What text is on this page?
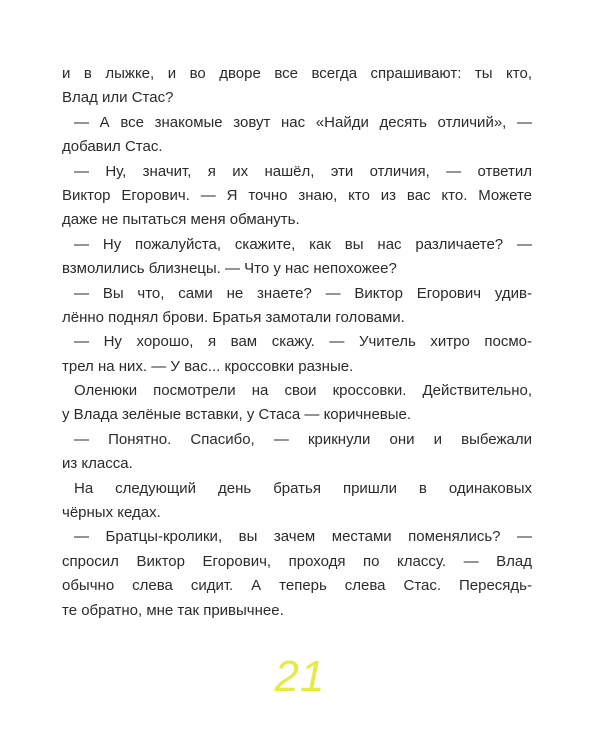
и в лыжке, и во дворе все всегда спрашивают: ты кто,
Влад или Стас?
— А все знакомые зовут нас «Найди десять отличий», —
добавил Стас.
— Ну, значит, я их нашёл, эти отличия, — ответил
Виктор Егорович. — Я точно знаю, кто из вас кто. Можете
даже не пытаться меня обмануть.
— Ну пожалуйста, скажите, как вы нас различаете? —
взмолились близнецы. — Что у нас непохожее?
— Вы что, сами не знаете? — Виктор Егорович удив-
лённо поднял брови. Братья замотали головами.
— Ну хорошо, я вам скажу. — Учитель хитро посмо-
трел на них. — У вас... кроссовки разные.
Оленюки посмотрели на свои кроссовки. Действительно,
у Влада зелёные вставки, у Стаса — коричневые.
— Понятно. Спасибо, — крикнули они и выбежали
из класса.
На следующий день братья пришли в одинаковых
чёрных кедах.
— Братцы-кролики, вы зачем местами поменялись? —
спросил Виктор Егорович, проходя по классу. — Влад
обычно слева сидит. А теперь слева Стас. Пересядь-
те обратно, мне так привычнее.
21
